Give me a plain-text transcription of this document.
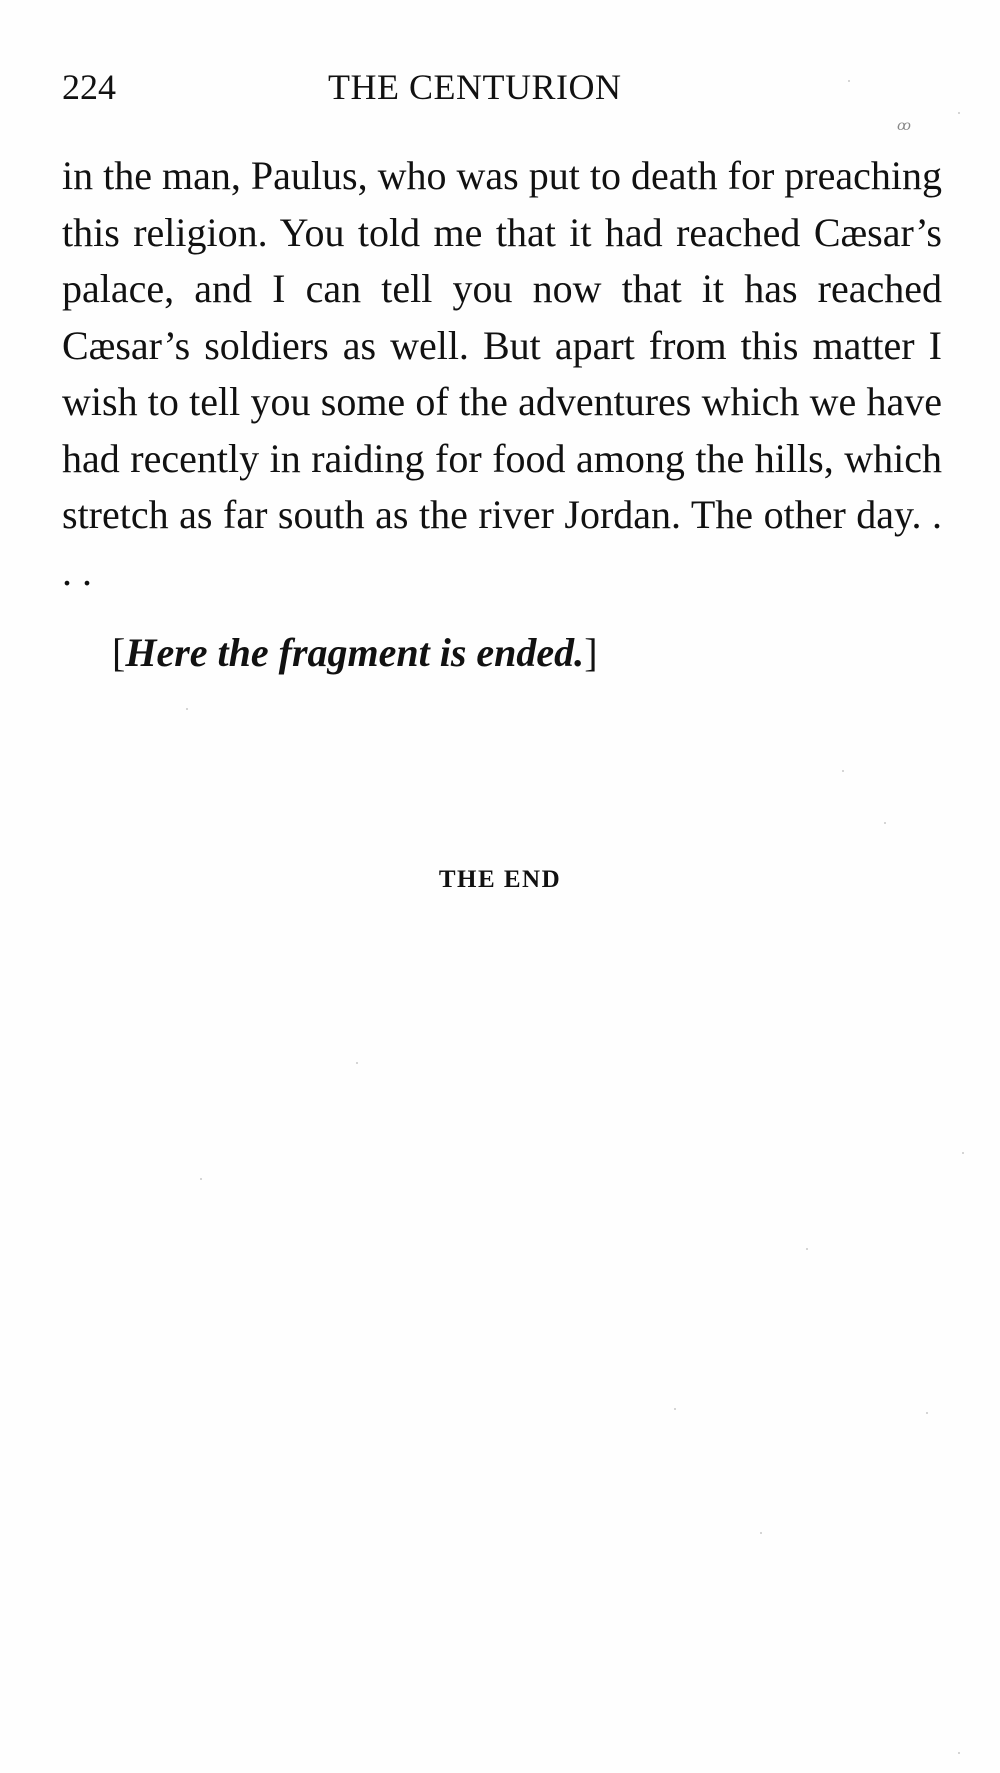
224	THE CENTURION
ꝏ

in the man, Paulus, who was put to death for preaching this religion. You told me that it had reached Cæsar’s palace, and I can tell you now that it has reached Cæsar’s soldiers as well. But apart from this matter I wish to tell you some of the adventures which we have had recently in raiding for food among the hills, which stretch as far south as the river Jordan. The other day. . . .

[Here the fragment is ended.]

THE END
